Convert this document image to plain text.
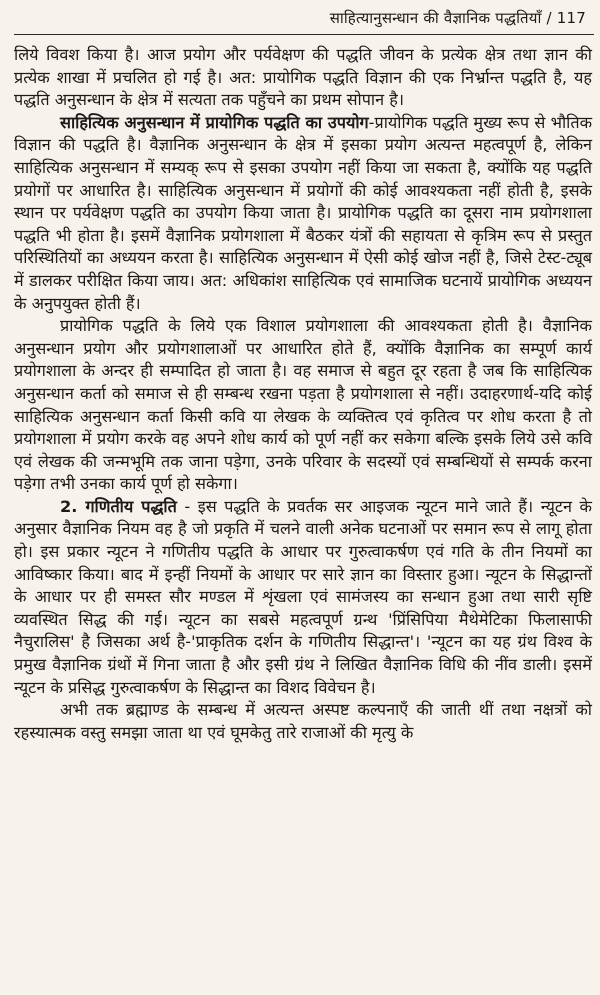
साहित्यानुसन्धान की वैज्ञानिक पद्धतियाँ / 117

लिये विवश किया है। आज प्रयोग और पर्यवेक्षण की पद्धति जीवन के प्रत्येक क्षेत्र तथा ज्ञान की प्रत्येक शाखा में प्रचलित हो गई है। अत: प्रायोगिक पद्धति विज्ञान की एक निर्भ्रान्त पद्धति है, यह पद्धति अनुसन्धान के क्षेत्र में सत्यता तक पहुँचने का प्रथम सोपान है।

साहित्यिक अनुसन्धान में प्रायोगिक पद्धति का उपयोग-प्रायोगिक पद्धति मुख्य रूप से भौतिक विज्ञान की पद्धति है। वैज्ञानिक अनुसन्धान के क्षेत्र में इसका प्रयोग अत्यन्त महत्वपूर्ण है, लेकिन साहित्यिक अनुसन्धान में सम्यक् रूप से इसका उपयोग नहीं किया जा सकता है, क्योंकि यह पद्धति प्रयोगों पर आधारित है। साहित्यिक अनुसन्धान में प्रयोगों की कोई आवश्यकता नहीं होती है, इसके स्थान पर पर्यवेक्षण पद्धति का उपयोग किया जाता है। प्रायोगिक पद्धति का दूसरा नाम प्रयोगशाला पद्धति भी होता है। इसमें वैज्ञानिक प्रयोगशाला में बैठकर यंत्रों की सहायता से कृत्रिम रूप से प्रस्तुत परिस्थितियों का अध्ययन करता है। साहित्यिक अनुसन्धान में ऐसी कोई खोज नहीं है, जिसे टेस्ट-ट्यूब में डालकर परीक्षित किया जाय। अत: अधिकांश साहित्यिक एवं सामाजिक घटनायें प्रायोगिक अध्ययन के अनुपयुक्त होती हैं।

प्रायोगिक पद्धति के लिये एक विशाल प्रयोगशाला की आवश्यकता होती है। वैज्ञानिक अनुसन्धान प्रयोग और प्रयोगशालाओं पर आधारित होते हैं, क्योंकि वैज्ञानिक का सम्पूर्ण कार्य प्रयोगशाला के अन्दर ही सम्पादित हो जाता है। वह समाज से बहुत दूर रहता है जब कि साहित्यिक अनुसन्धान कर्ता को समाज से ही सम्बन्ध रखना पड़ता है प्रयोगशाला से नहीं। उदाहरणार्थ-यदि कोई साहित्यिक अनुसन्धान कर्ता किसी कवि या लेखक के व्यक्तित्व एवं कृतित्व पर शोध करता है तो प्रयोगशाला में प्रयोग करके वह अपने शोध कार्य को पूर्ण नहीं कर सकेगा बल्कि इसके लिये उसे कवि एवं लेखक की जन्मभूमि तक जाना पड़ेगा, उनके परिवार के सदस्यों एवं सम्बन्धियों से सम्पर्क करना पड़ेगा तभी उनका कार्य पूर्ण हो सकेगा।

2. गणितीय पद्धति - इस पद्धति के प्रवर्तक सर आइजक न्यूटन माने जाते हैं। न्यूटन के अनुसार वैज्ञानिक नियम वह है जो प्रकृति में चलने वाली अनेक घटनाओं पर समान रूप से लागू होता हो। इस प्रकार न्यूटन ने गणितीय पद्धति के आधार पर गुरुत्वाकर्षण एवं गति के तीन नियमों का आविष्कार किया। बाद में इन्हीं नियमों के आधार पर सारे ज्ञान का विस्तार हुआ। न्यूटन के सिद्धान्तों के आधार पर ही समस्त सौर मण्डल में शृंखला एवं सामंजस्य का सन्धान हुआ तथा सारी सृष्टि व्यवस्थित सिद्ध की गई। न्यूटन का सबसे महत्वपूर्ण ग्रन्थ 'प्रिंसिपिया मैथेमेटिका फिलासाफी नैचुरालिस' है जिसका अर्थ है-'प्राकृतिक दर्शन के गणितीय सिद्धान्त'। 'न्यूटन का यह ग्रंथ विश्व के प्रमुख वैज्ञानिक ग्रंथों में गिना जाता है और इसी ग्रंथ ने लिखित वैज्ञानिक विधि की नींव डाली। इसमें न्यूटन के प्रसिद्ध गुरुत्वाकर्षण के सिद्धान्त का विशद विवेचन है।

अभी तक ब्रह्माण्ड के सम्बन्ध में अत्यन्त अस्पष्ट कल्पनाएँ की जाती थीं तथा नक्षत्रों को रहस्यात्मक वस्तु समझा जाता था एवं घूमकेतु तारे राजाओं की मृत्यु के
